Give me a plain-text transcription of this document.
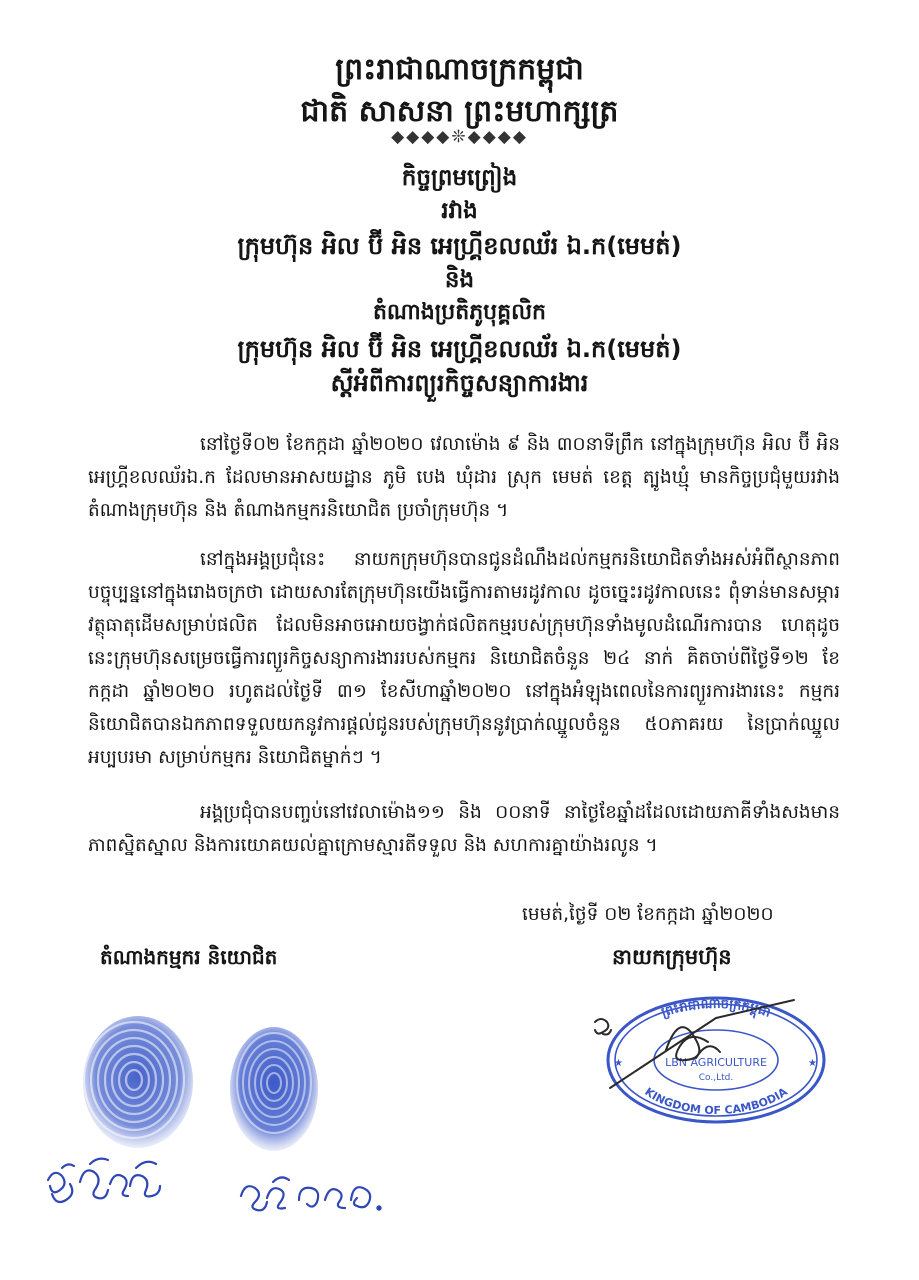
ព្រះរាជាណាចក្រកម្ពុជា
ជាតិ សាសនា ព្រះមហាក្សត្រ
◆◆◆◆❊◆◆◆◆
កិច្ចព្រមព្រៀង
រវាង
ក្រុមហ៊ុន អិល ប៊ី អិន អេហ្គ្រីខលឈ័រ ឯ.ក(មេមត់)
និង
តំណាងប្រតិភូបុគ្គលិក
ក្រុមហ៊ុន អិល ប៊ី អិន អេហ្គ្រីខលឈ័រ ឯ.ក(មេមត់)
ស្តីអំពីការព្យួរកិច្ចសន្យាការងារ
នៅថ្ងៃទី០២ ខែកក្កដា ឆ្នាំ២០២០ វេលាម៉ោង ៩ និង ៣០នាទីព្រឹក នៅក្នុងក្រុមហ៊ុន អិល ប៊ី អិន អេហ្គ្រីខលឈ័រឯ.ក ដែលមានអាសយដ្ឋាន ភូមិ បេង ឃុំដារ ស្រុក មេមត់ ខេត្ត ត្បូងឃ្មុំ មានកិច្ចប្រជុំមួយរវាងតំណាងក្រុមហ៊ុន និង តំណាងកម្មករនិយោជិត ប្រចាំក្រុមហ៊ុន ។
នៅក្នុងអង្គប្រជុំនេះ នាយកក្រុមហ៊ុនបានជូនដំណឹងដល់កម្មករនិយោជិតទាំងអស់អំពីស្ថានភាពបច្ចុប្បន្ននៅក្នុងរោងចក្រថា ដោយសារតែក្រុមហ៊ុនយើងធ្វើការតាមរដូវកាល ដូចច្នេះរដូវកាលនេះ ពុំទាន់មានសម្ភារវត្ថុធាតុដើមសម្រាប់ផលិត ដែលមិនអាចអោយចង្វាក់ផលិតកម្មរបស់ក្រុមហ៊ុនទាំងមូលដំណើរការបាន ហេតុដូចនេះក្រុមហ៊ុនសម្រេចធ្វើការព្យួរកិច្ចសន្យាការងាររបស់កម្មករ និយោជិតចំនួន ២៤ នាក់ គិតចាប់ពីថ្ងៃទី១២ ខែ កក្កដា ឆ្នាំ២០២០ រហូតដល់ថ្ងៃទី ៣១ ខែសីហាឆ្នាំ២០២០ នៅក្នុងអំឡុងពេលនៃការព្យួរការងារនេះ កម្មករ និយោជិតបានឯកភាពទទួលយកនូវការផ្តល់ជូនរបស់ក្រុមហ៊ុននូវប្រាក់ឈ្នួលចំនួន ៥០ភាគរយ នៃប្រាក់ឈ្នួលអប្បបរមា សម្រាប់កម្មករ និយោជិតម្នាក់ៗ ។
អង្គប្រជុំបានបញ្ចប់នៅវេលាម៉ោង១១ និង ០០នាទី នាថ្ងៃខែឆ្នាំដដែលដោយភាគីទាំងសងមានភាពស្និតស្នាល និងការយោគយល់គ្នាក្រោមស្មារតីទទួល និង សហការគ្នាយ៉ាងរលូន ។
មេមត់,ថ្ងៃទី ០២ ខែកក្កដា ឆ្នាំ២០២០
តំណាងកម្មករ និយោជិត	នាយកក្រុមហ៊ុន
ព្រះរាជាណាចក្រកម្ពុជា
KINGDOM OF CAMBODIA
LBN AGRICULTURE
Co.,Ltd.
★	★
